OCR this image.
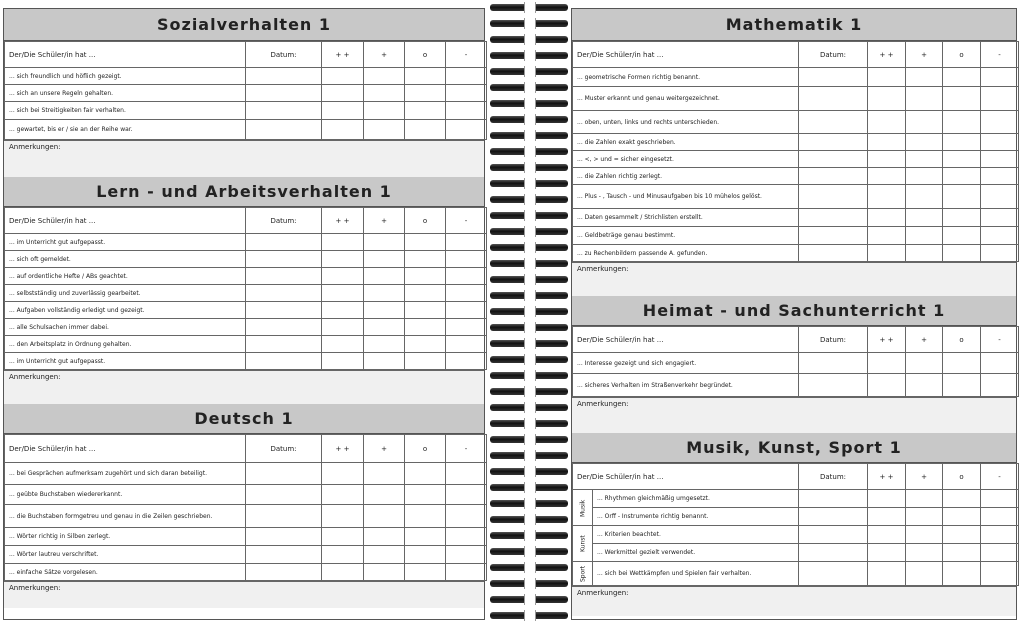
Sozialverhalten 1
Der/Die Schüler/in hat ...	Datum:	+ +	+	o	-
... sich freundlich und höflich gezeigt.					
... sich an unsere Regeln gehalten.					
... sich bei Streitigkeiten fair verhalten.					
... gewartet, bis er / sie an der Reihe war.					
Anmerkungen:
Lern - und Arbeitsverhalten 1
Der/Die Schüler/in hat ...	Datum:	+ +	+	o	-
... im Unterricht gut aufgepasst.					
... sich oft gemeldet.					
... auf ordentliche Hefte / ABs geachtet.					
... selbstständig und zuverlässig gearbeitet.					
... Aufgaben vollständig erledigt und gezeigt.					
... alle Schulsachen immer dabei.					
... den Arbeitsplatz in Ordnung gehalten.					
... im Unterricht gut aufgepasst.					
Anmerkungen:
Deutsch 1
Der/Die Schüler/in hat ...	Datum:	+ +	+	o	-
... bei Gesprächen aufmerksam zugehört und sich daran beteiligt.					
... geübte Buchstaben wiedererkannt.					
... die Buchstaben formgetreu und genau in die Zeilen geschrieben.					
... Wörter richtig in Silben zerlegt.					
... Wörter lautreu verschriftet.					
... einfache Sätze vorgelesen.					
Anmerkungen:
Mathematik 1
Der/Die Schüler/in hat ...	Datum:	+ +	+	o	-
... geometrische Formen richtig benannt.					
... Muster erkannt und genau weitergezeichnet.					
... oben, unten, links und rechts unterschieden.					
... die Zahlen exakt geschrieben.					
... <, > und = sicher eingesetzt.					
... die Zahlen richtig zerlegt.					
... Plus - , Tausch - und Minusaufgaben bis 10 mühelos gelöst.					
... Daten gesammelt / Strichlisten erstellt.					
... Geldbeträge genau bestimmt.					
... zu Rechenbildern passende A. gefunden.					
Anmerkungen:
Heimat - und Sachunterricht 1
Der/Die Schüler/in hat ...	Datum:	+ +	+	o	-
... Interesse gezeigt und sich engagiert.					
... sicheres Verhalten im Straßenverkehr begründet.					
Anmerkungen:
Musik, Kunst, Sport 1
Der/Die Schüler/in hat ...		Datum:	+ +	+	o	-
Musik	... Rhythmen gleichmäßig umgesetzt.					
	... Orff - Instrumente richtig benannt.					
Kunst	... Kriterien beachtet.					
	... Werkmittel gezielt verwendet.					
Sport	... sich bei Wettkämpfen und Spielen fair verhalten.					
Anmerkungen:
